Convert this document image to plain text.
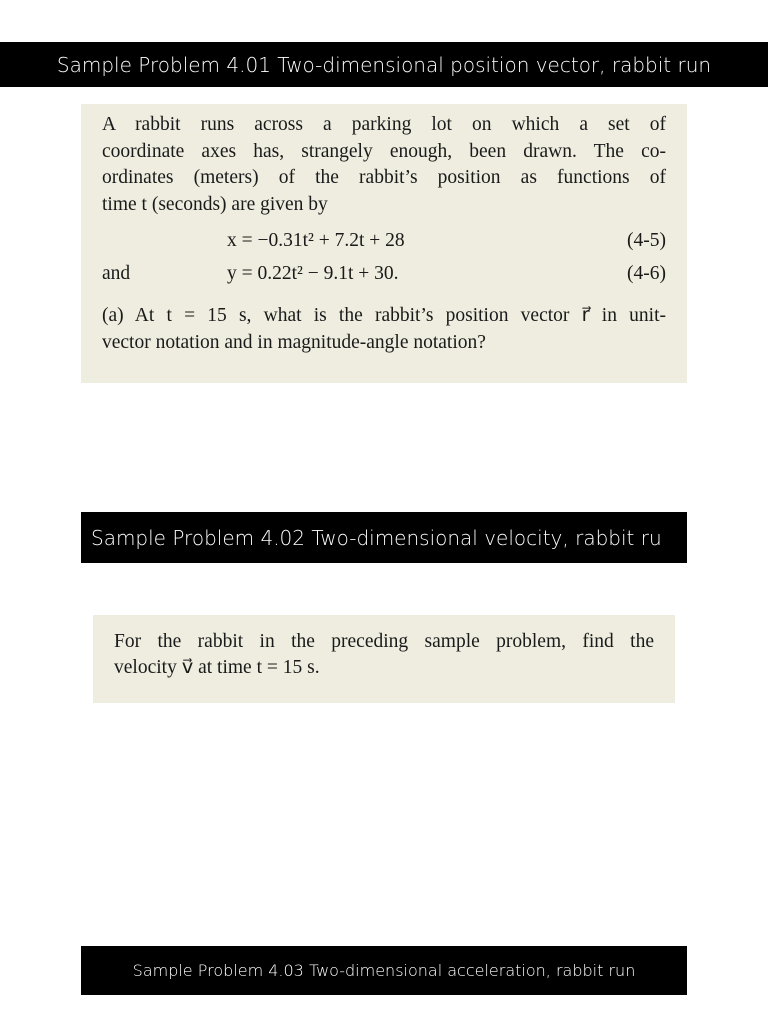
Sample Problem 4.01 Two-dimensional position vector, rabbit run
A rabbit runs across a parking lot on which a set of
coordinate axes has, strangely enough, been drawn. The co-
ordinates (meters) of the rabbit’s position as functions of
time t (seconds) are given by
x = −0.31t² + 7.2t + 28	(4-5)
and	y = 0.22t² − 9.1t + 30.	(4-6)
(a) At t = 15 s, what is the rabbit’s position vector r⃗ in unit-
vector notation and in magnitude-angle notation?
Sample Problem 4.02 Two-dimensional velocity, rabbit ru
For the rabbit in the preceding sample problem, find the
velocity v⃗ at time t = 15 s.
Sample Problem 4.03 Two-dimensional acceleration, rabbit run
